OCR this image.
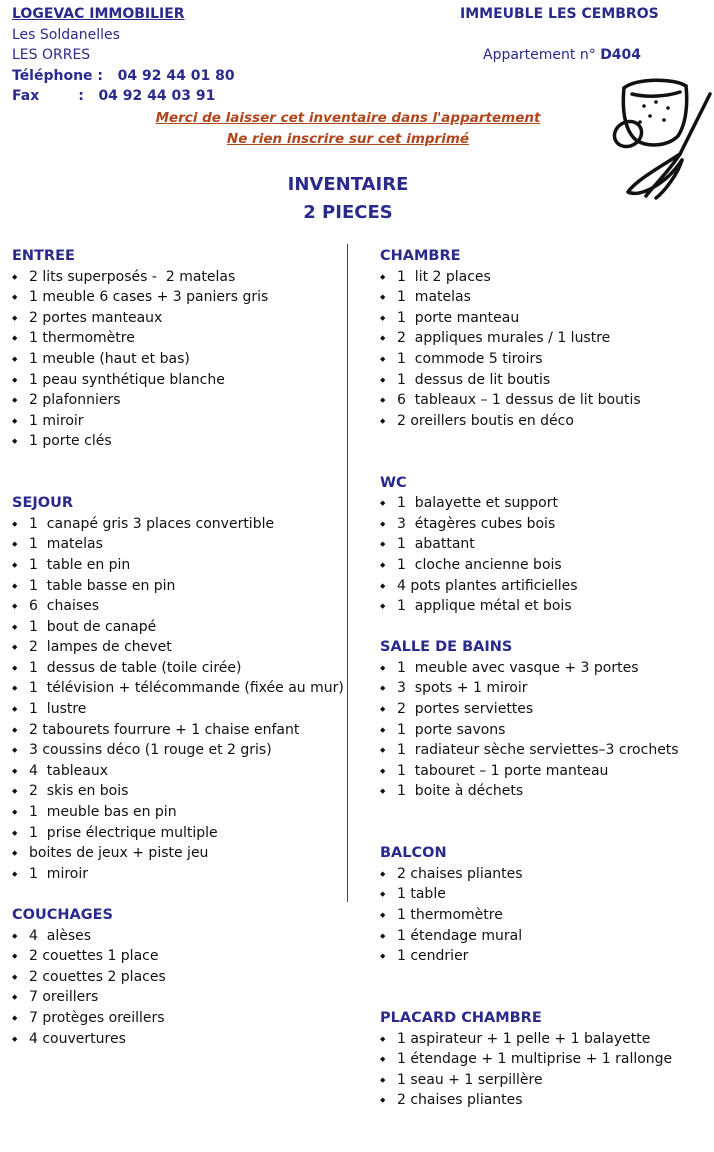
LOGEVAC IMMOBILIER
Les Soldanelles
LES ORRES
Téléphone : 04 92 44 01 80
Fax        : 04 92 44 03 91
IMMEUBLE LES CEMBROS
Appartement n° D404
Merci de laisser cet inventaire dans l'appartement
Ne rien inscrire sur cet imprimé
INVENTAIRE
2 PIECES
ENTREE
◆ 2 lits superposés -  2 matelas
◆ 1 meuble 6 cases + 3 paniers gris
◆ 2 portes manteaux
◆ 1 thermomètre
◆ 1 meuble (haut et bas)
◆ 1 peau synthétique blanche
◆ 2 plafonniers
◆ 1 miroir
◆ 1 porte clés
SEJOUR
◆ 1  canapé gris 3 places convertible
◆ 1  matelas
◆ 1  table en pin
◆ 1  table basse en pin
◆ 6  chaises
◆ 1  bout de canapé
◆ 2  lampes de chevet
◆ 1  dessus de table (toile cirée)
◆ 1  télévision + télécommande (fixée au mur)
◆ 1  lustre
◆ 2 tabourets fourrure + 1 chaise enfant
◆ 3 coussins déco (1 rouge et 2 gris)
◆ 4  tableaux
◆ 2  skis en bois
◆ 1  meuble bas en pin
◆ 1  prise électrique multiple
◆ boites de jeux + piste jeu
◆ 1  miroir
COUCHAGES
◆ 4  alèses
◆ 2 couettes 1 place
◆ 2 couettes 2 places
◆ 7 oreillers
◆ 7 protèges oreillers
◆ 4 couvertures
CHAMBRE
◆ 1  lit 2 places
◆ 1  matelas
◆ 1  porte manteau
◆ 2  appliques murales / 1 lustre
◆ 1  commode 5 tiroirs
◆ 1  dessus de lit boutis
◆ 6  tableaux – 1 dessus de lit boutis
◆ 2 oreillers boutis en déco
WC
◆ 1  balayette et support
◆ 3  étagères cubes bois
◆ 1  abattant
◆ 1  cloche ancienne bois
◆ 4 pots plantes artificielles
◆ 1  applique métal et bois
SALLE DE BAINS
◆ 1  meuble avec vasque + 3 portes
◆ 3  spots + 1 miroir
◆ 2  portes serviettes
◆ 1  porte savons
◆ 1  radiateur sèche serviettes–3 crochets
◆ 1  tabouret – 1 porte manteau
◆ 1  boite à déchets
BALCON
◆ 2 chaises pliantes
◆ 1 table
◆ 1 thermomètre
◆ 1 étendage mural
◆ 1 cendrier
PLACARD CHAMBRE
◆ 1 aspirateur + 1 pelle + 1 balayette
◆ 1 étendage + 1 multiprise + 1 rallonge
◆ 1 seau + 1 serpillère
◆ 2 chaises pliantes
